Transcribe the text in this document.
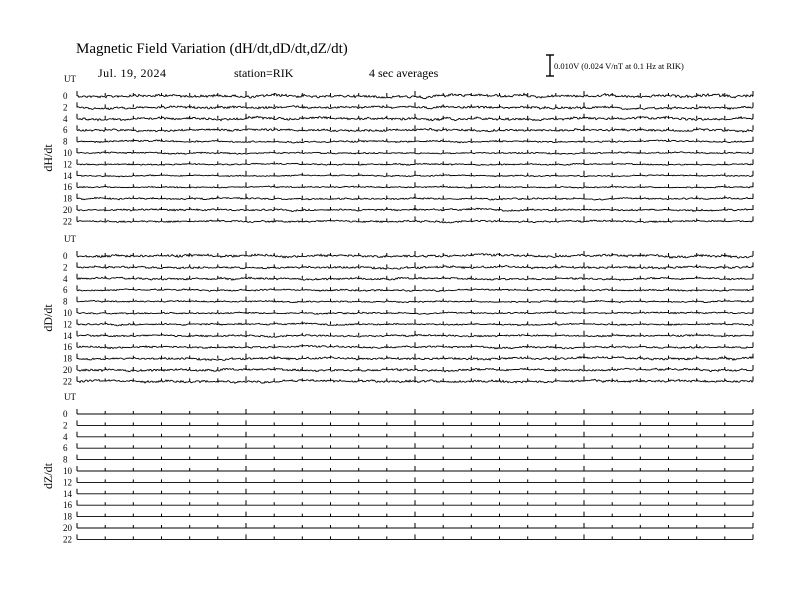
Magnetic Field Variation (dH/dt,dD/dt,dZ/dt)
Jul. 19, 2024	station=RIK	4 sec averages	0.010V (0.024 V/nT at 0.1 Hz at RIK)
UT
dH/dt
0
2
4
6
8
10
12
14
16
18
20
22
UT
dD/dt
0
2
4
6
8
10
12
14
16
18
20
22
UT
dZ/dt
0
2
4
6
8
10
12
14
16
18
20
22
